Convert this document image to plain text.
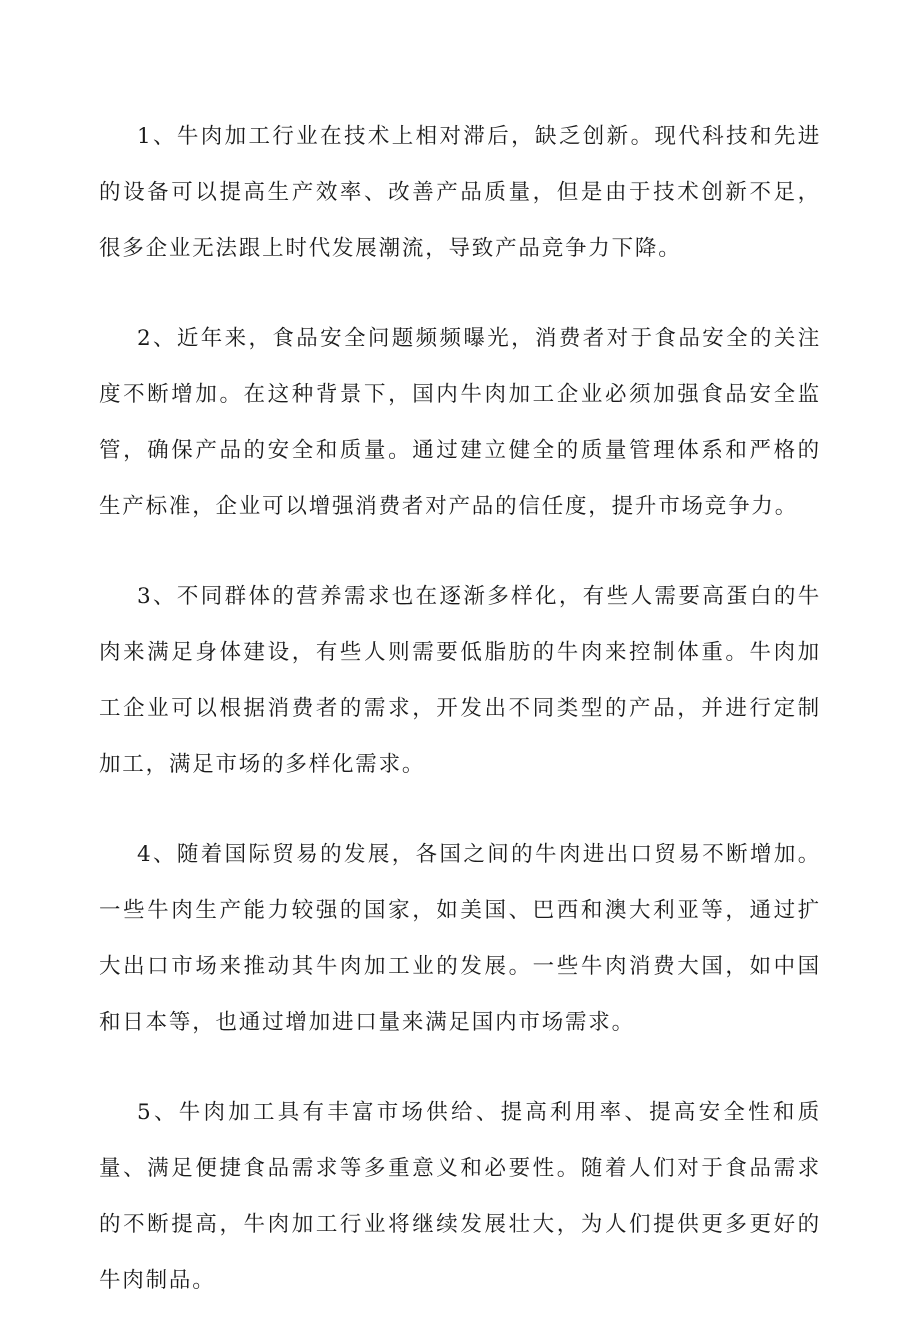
1、牛肉加工行业在技术上相对滞后，缺乏创新。现代科技和先进的设备可以提高生产效率、改善产品质量，但是由于技术创新不足，很多企业无法跟上时代发展潮流，导致产品竞争力下降。

2、近年来，食品安全问题频频曝光，消费者对于食品安全的关注度不断增加。在这种背景下，国内牛肉加工企业必须加强食品安全监管，确保产品的安全和质量。通过建立健全的质量管理体系和严格的生产标准，企业可以增强消费者对产品的信任度，提升市场竞争力。

3、不同群体的营养需求也在逐渐多样化，有些人需要高蛋白的牛肉来满足身体建设，有些人则需要低脂肪的牛肉来控制体重。牛肉加工企业可以根据消费者的需求，开发出不同类型的产品，并进行定制加工，满足市场的多样化需求。

4、随着国际贸易的发展，各国之间的牛肉进出口贸易不断增加。一些牛肉生产能力较强的国家，如美国、巴西和澳大利亚等，通过扩大出口市场来推动其牛肉加工业的发展。一些牛肉消费大国，如中国和日本等，也通过增加进口量来满足国内市场需求。

5、牛肉加工具有丰富市场供给、提高利用率、提高安全性和质量、满足便捷食品需求等多重意义和必要性。随着人们对于食品需求的不断提高，牛肉加工行业将继续发展壮大，为人们提供更多更好的牛肉制品。
